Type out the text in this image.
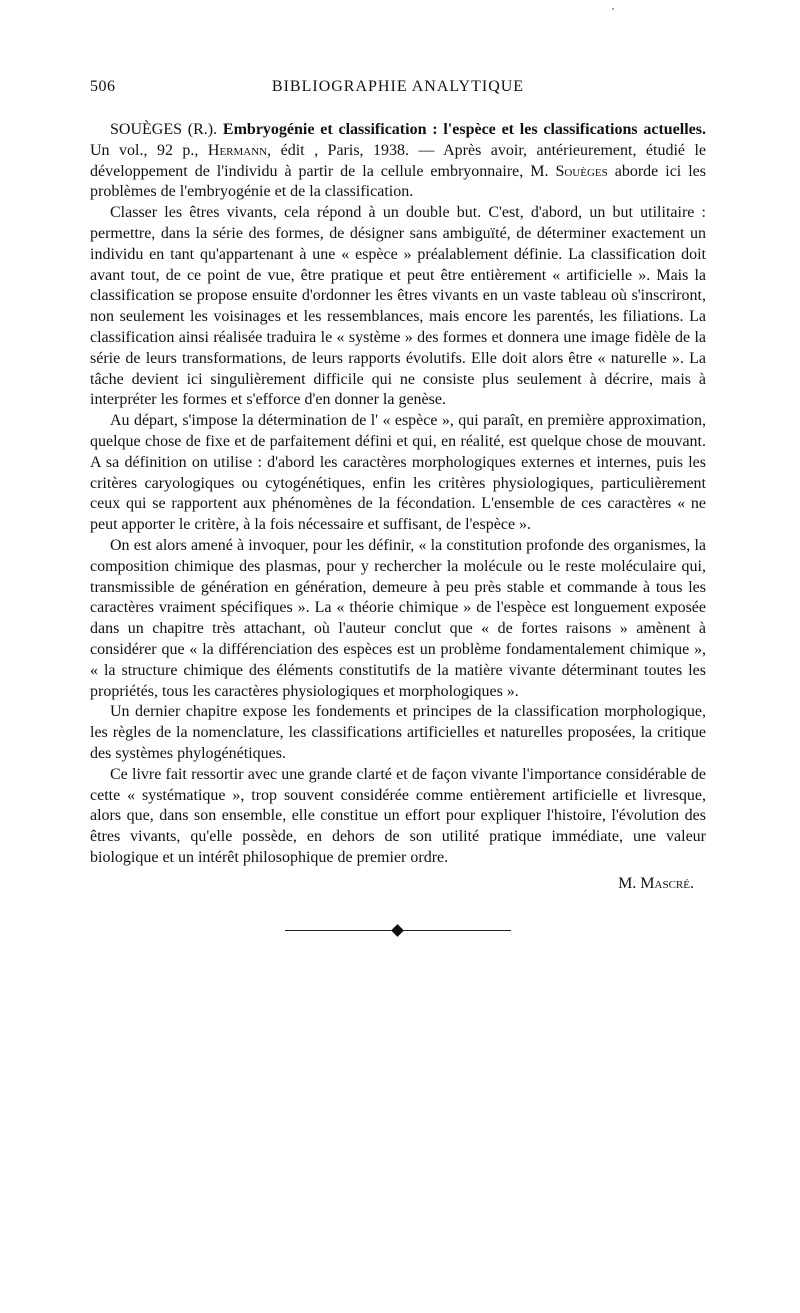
506	BIBLIOGRAPHIE ANALYTIQUE

SOUÈGES (R.). Embryogénie et classification : l'espèce et les classifications actuelles. Un vol., 92 p., Hermann, édit , Paris, 1938. — Après avoir, antérieurement, étudié le développement de l'individu à partir de la cellule embryonnaire, M. Souèges aborde ici les problèmes de l'embryogénie et de la classification.

Classer les êtres vivants, cela répond à un double but. C'est, d'abord, un but utilitaire : permettre, dans la série des formes, de désigner sans ambiguïté, de déterminer exactement un individu en tant qu'appartenant à une « espèce » préalablement définie. La classification doit avant tout, de ce point de vue, être pratique et peut être entièrement « artificielle ». Mais la classification se propose ensuite d'ordonner les êtres vivants en un vaste tableau où s'inscriront, non seulement les voisinages et les ressemblances, mais encore les parentés, les filiations. La classification ainsi réalisée traduira le « système » des formes et donnera une image fidèle de la série de leurs transformations, de leurs rapports évolutifs. Elle doit alors être « naturelle ». La tâche devient ici singulièrement difficile qui ne consiste plus seulement à décrire, mais à interpréter les formes et s'efforce d'en donner la genèse.

Au départ, s'impose la détermination de l' « espèce », qui paraît, en première approximation, quelque chose de fixe et de parfaitement défini et qui, en réalité, est quelque chose de mouvant. A sa définition on utilise : d'abord les caractères morphologiques externes et internes, puis les critères caryologiques ou cytogénétiques, enfin les critères physiologiques, particulièrement ceux qui se rapportent aux phénomènes de la fécondation. L'ensemble de ces caractères « ne peut apporter le critère, à la fois nécessaire et suffisant, de l'espèce ».

On est alors amené à invoquer, pour les définir, « la constitution profonde des organismes, la composition chimique des plasmas, pour y rechercher la molécule ou le reste moléculaire qui, transmissible de génération en génération, demeure à peu près stable et commande à tous les caractères vraiment spécifiques ». La « théorie chimique » de l'espèce est longuement exposée dans un chapitre très attachant, où l'auteur conclut que « de fortes raisons » amènent à considérer que « la différenciation des espèces est un problème fondamentalement chimique », « la structure chimique des éléments constitutifs de la matière vivante déterminant toutes les propriétés, tous les caractères physiologiques et morphologiques ».

Un dernier chapitre expose les fondements et principes de la classification morphologique, les règles de la nomenclature, les classifications artificielles et naturelles proposées, la critique des systèmes phylogénétiques.

Ce livre fait ressortir avec une grande clarté et de façon vivante l'importance considérable de cette « systématique », trop souvent considérée comme entièrement artificielle et livresque, alors que, dans son ensemble, elle constitue un effort pour expliquer l'histoire, l'évolution des êtres vivants, qu'elle possède, en dehors de son utilité pratique immédiate, une valeur biologique et un intérêt philosophique de premier ordre.

M. Mascré.
